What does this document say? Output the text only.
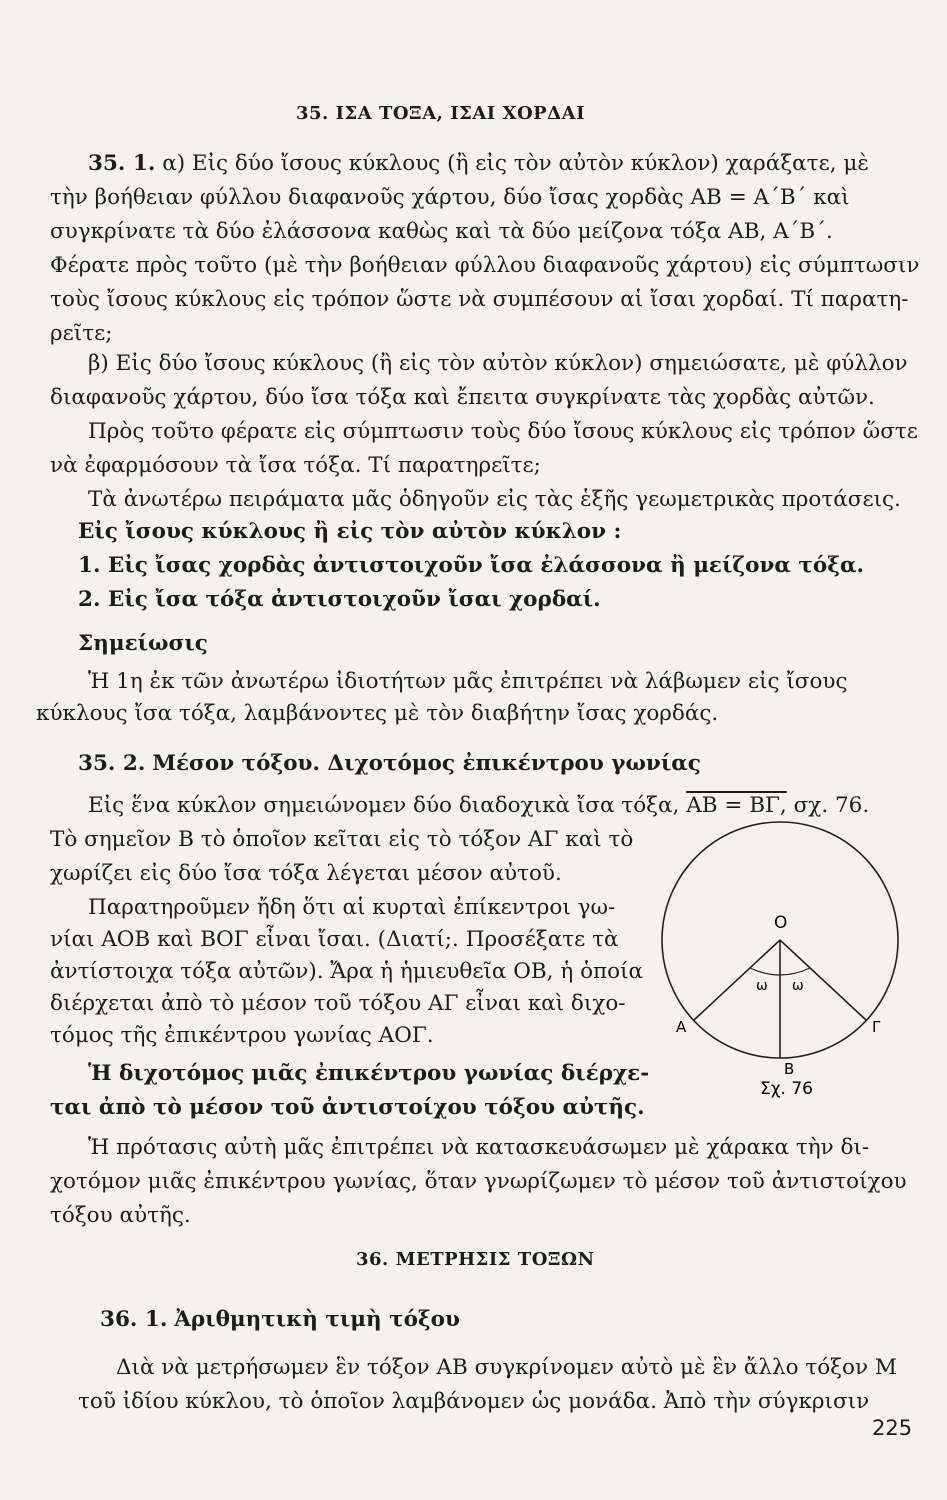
35. ΙΣΑ ΤΟΞΑ, ΙΣΑΙ ΧΟΡΔΑΙ
35. 1. α) Εἰς δύο ἴσους κύκλους (ἢ εἰς τὸν αὐτὸν κύκλον) χαράξατε, μὲ
τὴν βοήθειαν φύλλου διαφανοῦς χάρτου, δύο ἴσας χορδὰς ΑΒ = Α΄Β΄ καὶ
συγκρίνατε τὰ δύο ἐλάσσονα καθὼς καὶ τὰ δύο μείζονα τόξα ΑΒ, Α΄Β΄.
Φέρατε πρὸς τοῦτο (μὲ τὴν βοήθειαν φύλλου διαφανοῦς χάρτου) εἰς σύμπτωσιν
τοὺς ἴσους κύκλους εἰς τρόπον ὥστε νὰ συμπέσουν αἱ ἴσαι χορδαί. Τί παρατη-
ρεῖτε;
β) Εἰς δύο ἴσους κύκλους (ἢ εἰς τὸν αὐτὸν κύκλον) σημειώσατε, μὲ φύλλον
διαφανοῦς χάρτου, δύο ἴσα τόξα καὶ ἔπειτα συγκρίνατε τὰς χορδὰς αὐτῶν.
Πρὸς τοῦτο φέρατε εἰς σύμπτωσιν τοὺς δύο ἴσους κύκλους εἰς τρόπον ὥστε
νὰ ἐφαρμόσουν τὰ ἴσα τόξα. Τί παρατηρεῖτε;
Τὰ ἀνωτέρω πειράματα μᾶς ὁδηγοῦν εἰς τὰς ἑξῆς γεωμετρικὰς προτάσεις.
Εἰς ἴσους κύκλους ἢ εἰς τὸν αὐτὸν κύκλον :
1. Εἰς ἴσας χορδὰς ἀντιστοιχοῦν ἴσα ἐλάσσονα ἢ μείζονα τόξα.
2. Εἰς ἴσα τόξα ἀντιστοιχοῦν ἴσαι χορδαί.
Σημείωσις
Ἡ 1η ἐκ τῶν ἀνωτέρω ἰδιοτήτων μᾶς ἐπιτρέπει νὰ λάβωμεν εἰς ἴσους
κύκλους ἴσα τόξα, λαμβάνοντες μὲ τὸν διαβήτην ἴσας χορδάς.
35. 2. Μέσον τόξου. Διχοτόμος ἐπικέντρου γωνίας
Εἰς ἕνα κύκλον σημειώνομεν δύο διαδοχικὰ ἴσα τόξα, ΑΒ = ΒΓ, σχ. 76.
Τὸ σημεῖον Β τὸ ὁποῖον κεῖται εἰς τὸ τόξον ΑΓ καὶ τὸ
χωρίζει εἰς δύο ἴσα τόξα λέγεται μέσον αὐτοῦ.
Παρατηροῦμεν ἤδη ὅτι αἱ κυρταὶ ἐπίκεντροι γω-
νίαι ΑΟΒ καὶ ΒΟΓ εἶναι ἴσαι. (Διατί;. Προσέξατε τὰ
ἀντίστοιχα τόξα αὐτῶν). Ἄρα ἡ ἡμιευθεῖα ΟΒ, ἡ ὁποία
διέρχεται ἀπὸ τὸ μέσον τοῦ τόξου ΑΓ εἶναι καὶ διχο-
τόμος τῆς ἐπικέντρου γωνίας ΑΟΓ.
Ἡ διχοτόμος μιᾶς ἐπικέντρου γωνίας διέρχε-
ται ἀπὸ τὸ μέσον τοῦ ἀντιστοίχου τόξου αὐτῆς.
Ἡ πρότασις αὐτὴ μᾶς ἐπιτρέπει νὰ κατασκευάσωμεν μὲ χάρακα τὴν δι-
χοτόμον μιᾶς ἐπικέντρου γωνίας, ὅταν γνωρίζωμεν τὸ μέσον τοῦ ἀντιστοίχου
τόξου αὐτῆς.
O
A
B
Γ
ω ω
Σχ. 76
36. ΜΕΤΡΗΣΙΣ ΤΟΞΩΝ
36. 1. Ἀριθμητικὴ τιμὴ τόξου
Διὰ νὰ μετρήσωμεν ἓν τόξον ΑΒ συγκρίνομεν αὐτὸ μὲ ἓν ἄλλο τόξον Μ
τοῦ ἰδίου κύκλου, τὸ ὁποῖον λαμβάνομεν ὡς μονάδα. Ἀπὸ τὴν σύγκρισιν
225
